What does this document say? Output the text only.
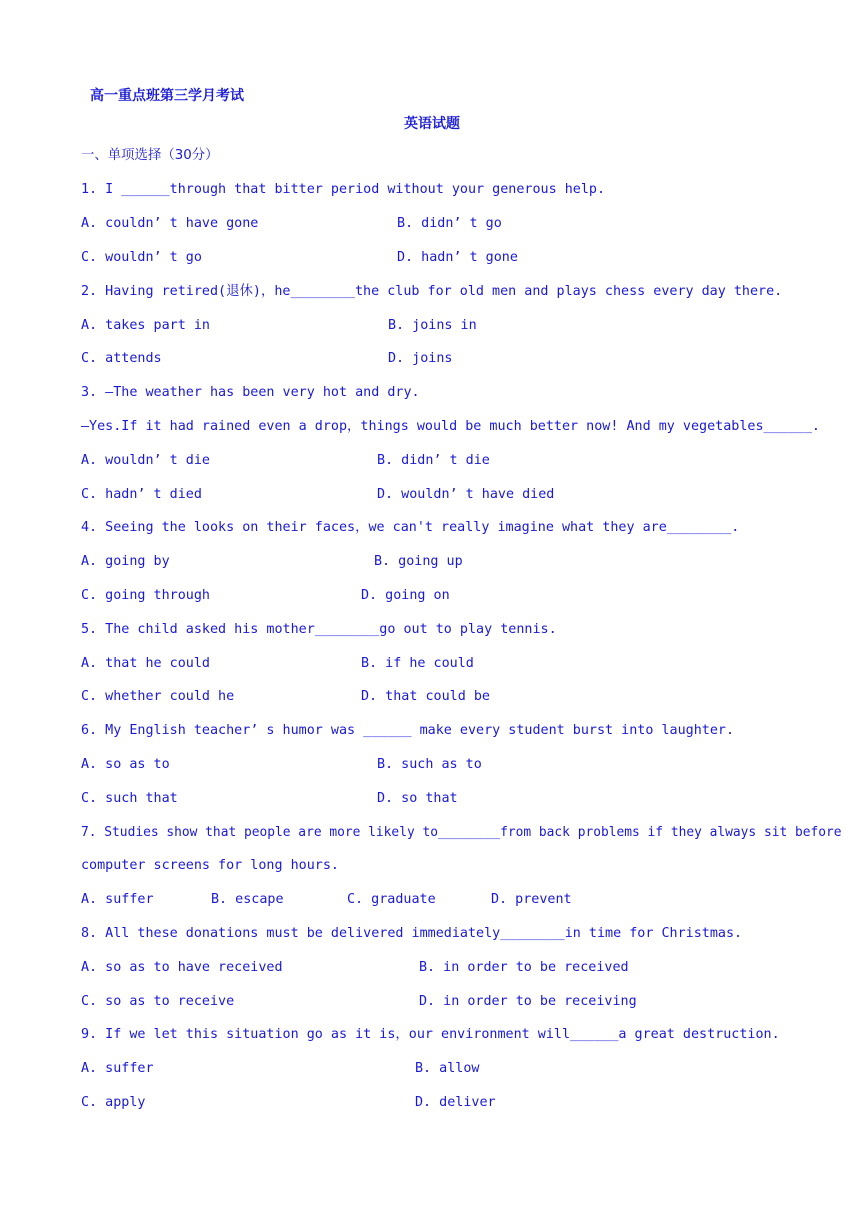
高一重点班第三学月考试
英语试题
一、单项选择（30分）
1. I ______through that bitter period without your generous help.
A. couldn’ t have gone	B. didn’ t go
C. wouldn’ t go	D. hadn’ t gone
2. Having retired(退休)，he________the club for old men and plays chess every day there.
A. takes part in	B. joins in
C. attends	D. joins
3. —The weather has been very hot and dry.
—Yes.If it had rained even a drop，things would be much better now! And my vegetables______.
A. wouldn’ t die	B. didn’ t die
C. hadn’ t died	D. wouldn’ t have died
4. Seeing the looks on their faces，we can't really imagine what they are________.
A. going by	B. going up
C. going through	D. going on
5. The child asked his mother________go out to play tennis.
A. that he could	B. if he could
C. whether could he	D. that could be
6. My English teacher’ s humor was ______ make every student burst into laughter.
A. so as to	B. such as to
C. such that	D. so that
7. Studies show that people are more likely to________from back problems if they always sit before
computer screens for long hours.
A. suffer	B. escape	C. graduate	D. prevent
8. All these donations must be delivered immediately________in time for Christmas.
A. so as to have received	B. in order to be received
C. so as to receive	D. in order to be receiving
9. If we let this situation go as it is，our environment will______a great destruction.
A. suffer	B. allow
C. apply	D. deliver
